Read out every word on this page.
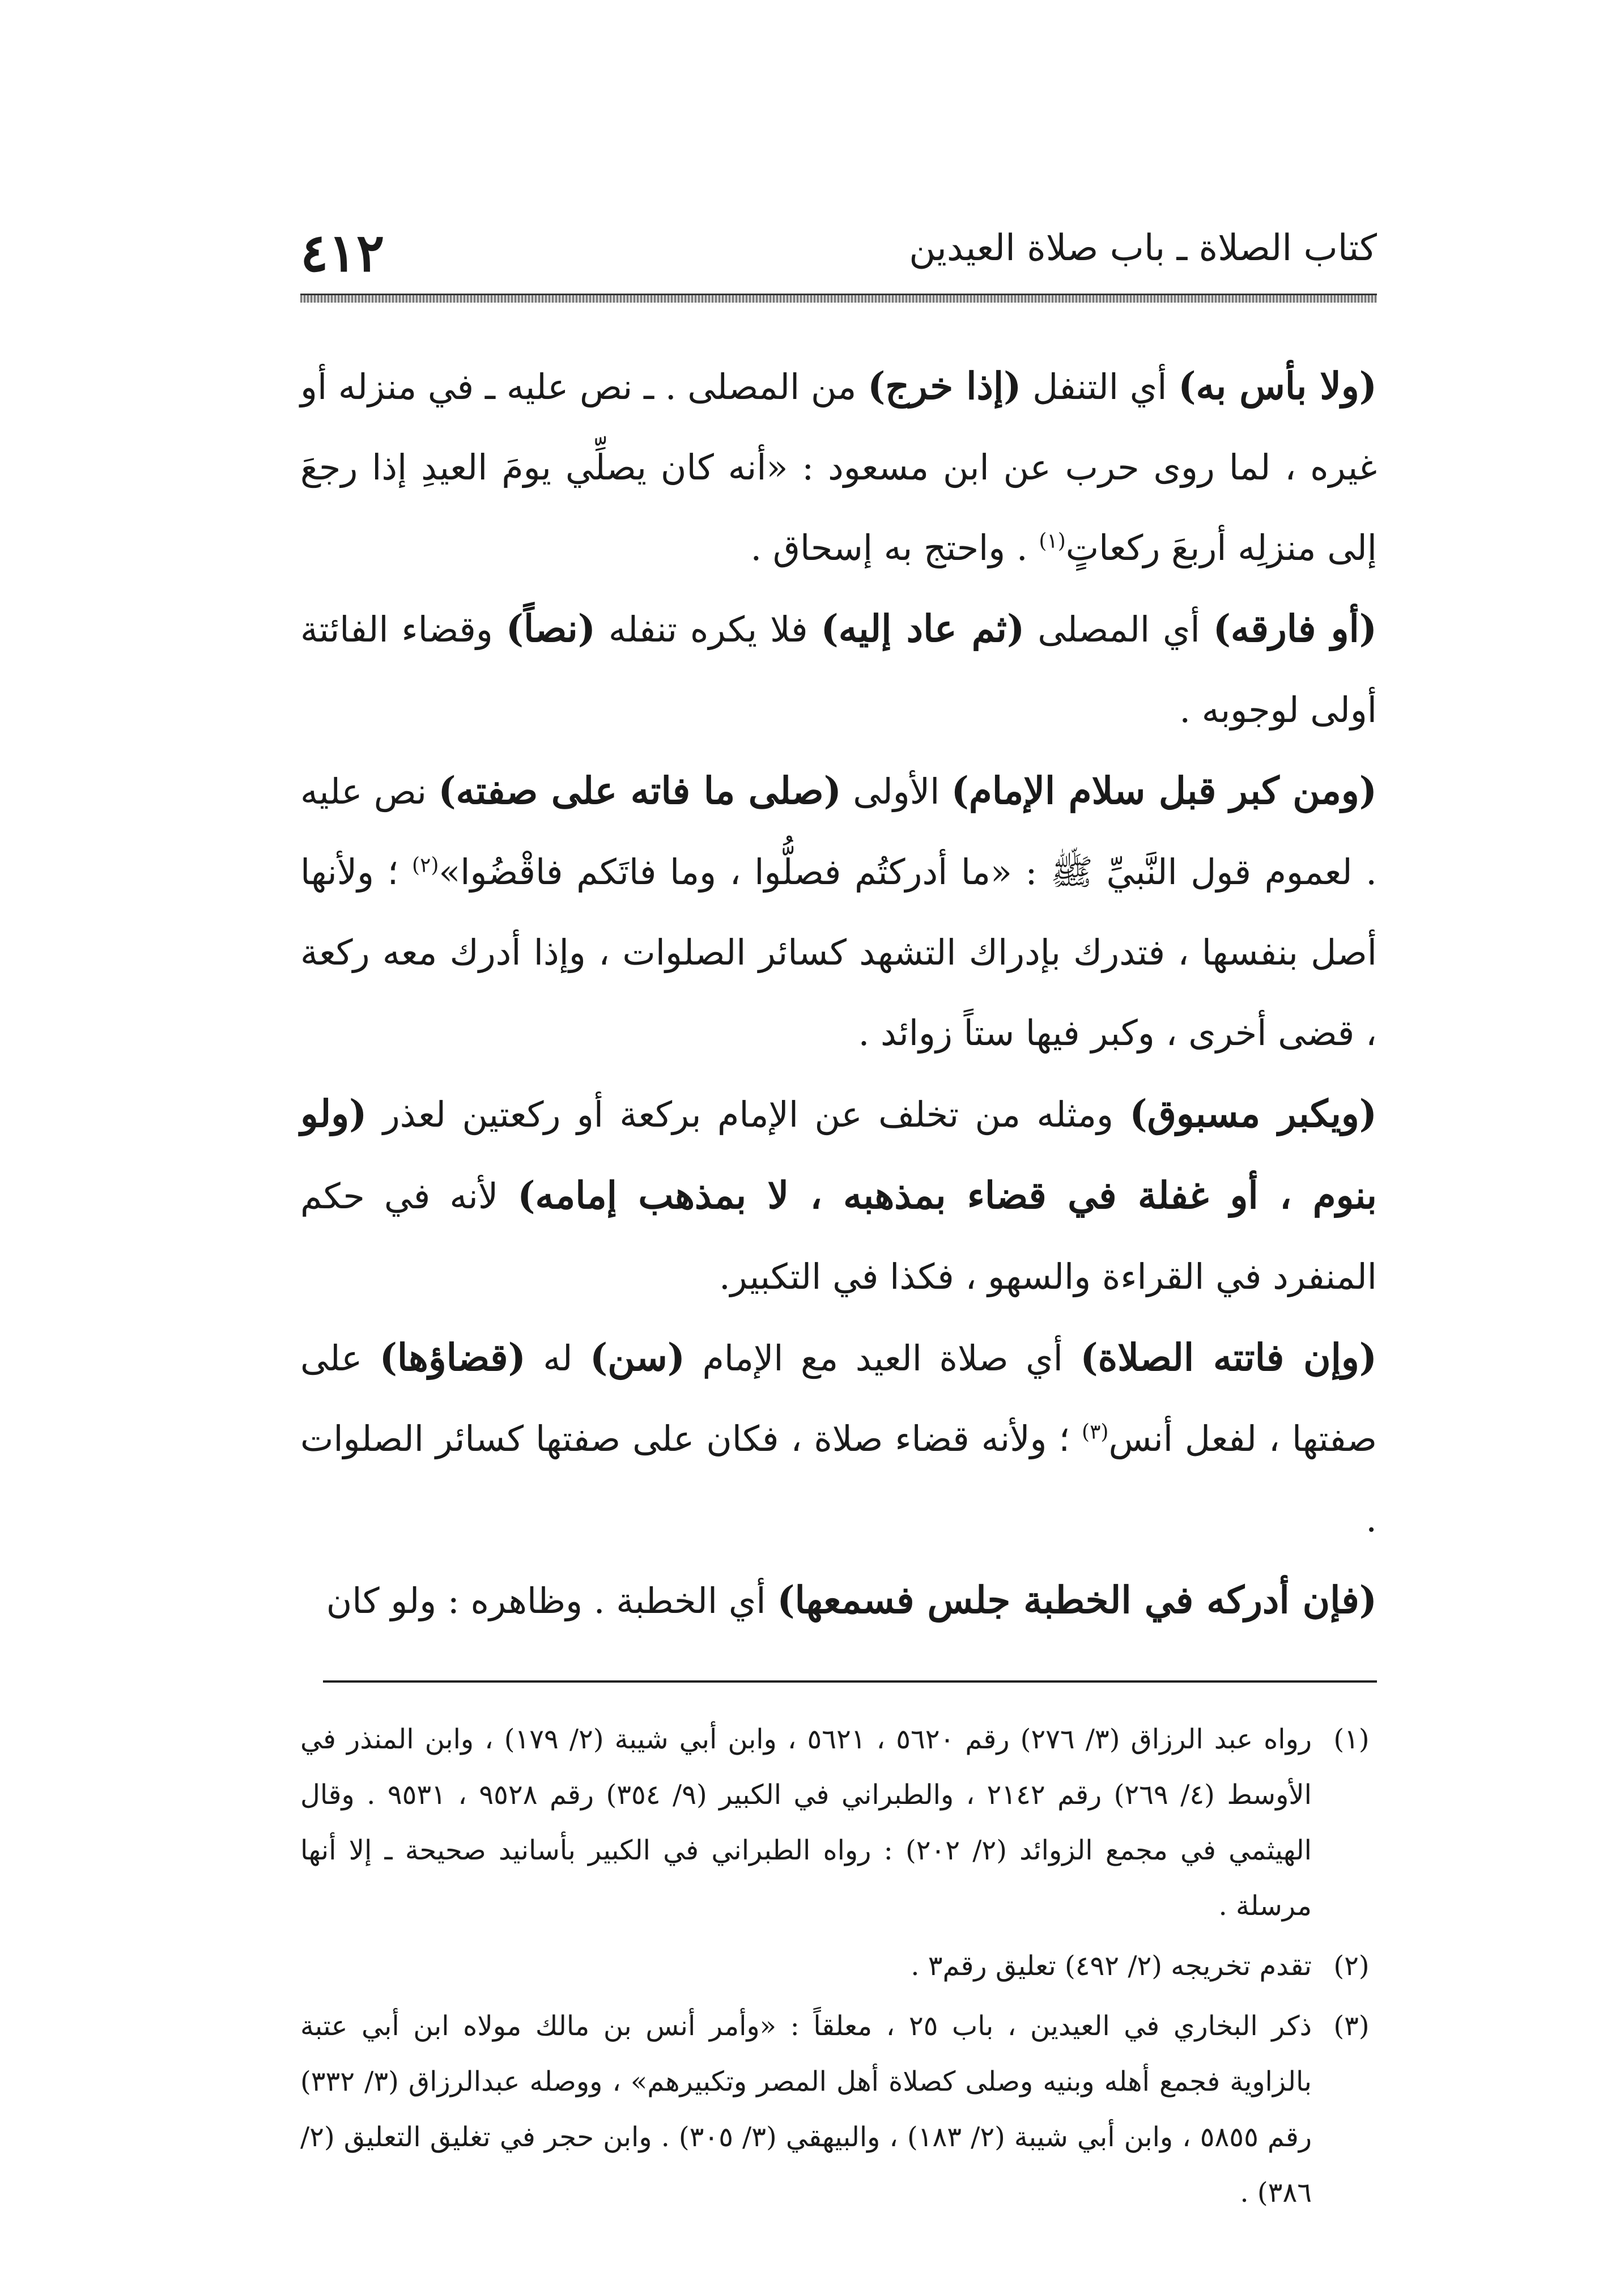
٤١٢	كتاب الصلاة ـ باب صلاة العيدين

(ولا بأس به) أي التنفل (إذا خرج) من المصلى . ـ نص عليه ـ في منزله أو غيره ، لما روى حرب عن ابن مسعود : «أنه كان يصلِّي يومَ العيدِ إذا رجعَ إلى منزلِه أربعَ ركعاتٍ$^{(١)}$ . واحتج به إسحاق .

(أو فارقه) أي المصلى (ثم عاد إليه) فلا يكره تنفله (نصاً) وقضاء الفائتة أولى لوجوبه .

(ومن كبر قبل سلام الإمام) الأولى (صلى ما فاته على صفته) نص عليه . لعموم قول النَّبيِّ ﷺ : «ما أدركتُم فصلُّوا ، وما فاتَكم فاقْضُوا»$^{(٢)}$ ؛ ولأنها أصل بنفسها ، فتدرك بإدراك التشهد كسائر الصلوات ، وإذا أدرك معه ركعة ، قضى أخرى ، وكبر فيها ستاً زوائد .

(ويكبر مسبوق) ومثله من تخلف عن الإمام بركعة أو ركعتين لعذر (ولو بنوم ، أو غفلة في قضاء بمذهبه ، لا بمذهب إمامه) لأنه في حكم المنفرد في القراءة والسهو ، فكذا في التكبير.

(وإن فاتته الصلاة) أي صلاة العيد مع الإمام (سن) له (قضاؤها) على صفتها ، لفعل أنس$^{(٣)}$ ؛ ولأنه قضاء صلاة ، فكان على صفتها كسائر الصلوات .

(فإن أدركه في الخطبة جلس فسمعها) أي الخطبة . وظاهره : ولو كان

(١)
رواه عبد الرزاق (٣/ ٢٧٦) رقم ٥٦٢٠ ، ٥٦٢١ ، وابن أبي شيبة (٢/ ١٧٩) ، وابن المنذر في الأوسط (٤/ ٢٦٩) رقم ٢١٤٢ ، والطبراني في الكبير (٩/ ٣٥٤) رقم ٩٥٢٨ ، ٩٥٣١ . وقال الهيثمي في مجمع الزوائد (٢/ ٢٠٢) : رواه الطبراني في الكبير بأسانيد صحيحة ـ إلا أنها مرسلة .
(٢)
تقدم تخريجه (٢/ ٤٩٢) تعليق رقم٣ .
(٣)
ذكر البخاري في العيدين ، باب ٢٥ ، معلقاً : «وأمر أنس بن مالك مولاه ابن أبي عتبة بالزاوية فجمع أهله وبنيه وصلى كصلاة أهل المصر وتكبيرهم» ، ووصله عبدالرزاق (٣/ ٣٣٢) رقم ٥٨٥٥ ، وابن أبي شيبة (٢/ ١٨٣) ، والبيهقي (٣/ ٣٠٥) . وابن حجر في تغليق التعليق (٢/ ٣٨٦) .
